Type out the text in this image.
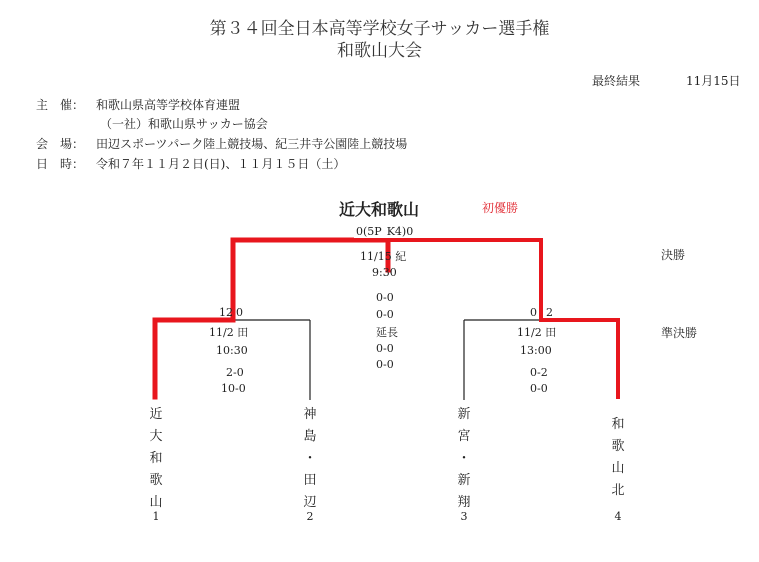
第３４回全日本高等学校女子サッカー選手権
和歌山大会
最終結果	11月15日
主　催： 和歌山県高等学校体育連盟
（一社）和歌山県サッカー協会
会　場： 田辺スポーツパーク陸上競技場、紀三井寺公園陸上競技場
日　時： 令和７年１１月２日(日)、１１月１５日（土）
近大和歌山	初優勝
決勝
準決勝
0(5P K4)0
11/15 紀
9:30
0-0
0-0
延長
0-0
0-0
12 0
11/2 田
10:30
2-0
10-0
0 2
11/2 田
13:00
0-2
0-0
近
大
和
歌
山
神
島
・
田
辺
新
宮
・
新
翔
和
歌
山
北
1	2	3	4
